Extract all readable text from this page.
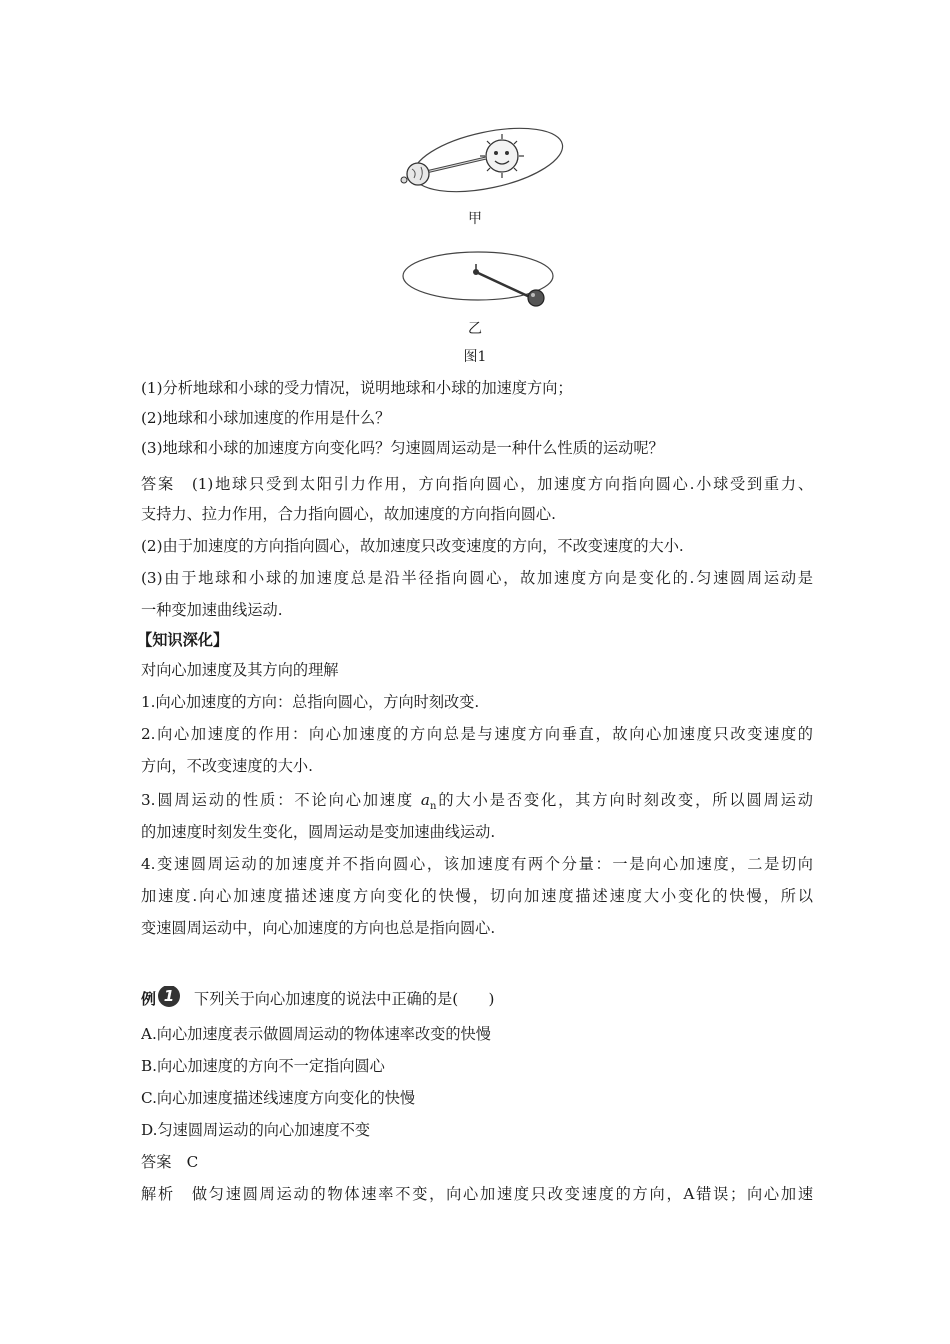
甲
乙
图1
(1)分析地球和小球的受力情况，说明地球和小球的加速度方向；
(2)地球和小球加速度的作用是什么？
(3)地球和小球的加速度方向变化吗？匀速圆周运动是一种什么性质的运动呢？
答案　 (1)地球只受到太阳引力作用，方向指向圆心，加速度方向指向圆心.小球受到重力、
支持力、拉力作用，合力指向圆心，故加速度的方向指向圆心.
(2)由于加速度的方向指向圆心，故加速度只改变速度的方向，不改变速度的大小.
(3)由于地球和小球的加速度总是沿半径指向圆心，故加速度方向是变化的.匀速圆周运动是
一种变加速曲线运动.
【知识深化】
对向心加速度及其方向的理解
1.向心加速度的方向：总指向圆心，方向时刻改变.
2.向心加速度的作用：向心加速度的方向总是与速度方向垂直，故向心加速度只改变速度的
方向，不改变速度的大小.
3.圆周运动的性质：不论向心加速度 $a_n$的大小是否变化，其方向时刻改变，所以圆周运动
的加速度时刻发生变化，圆周运动是变加速曲线运动.
4.变速圆周运动的加速度并不指向圆心，该加速度有两个分量：一是向心加速度，二是切向
加速度.向心加速度描述速度方向变化的快慢，切向加速度描述速度大小变化的快慢，所以
变速圆周运动中，向心加速度的方向也总是指向圆心.
例 1 下列关于向心加速度的说法中正确的是(　　)
A.向心加速度表示做圆周运动的物体速率改变的快慢
B.向心加速度的方向不一定指向圆心
C.向心加速度描述线速度方向变化的快慢
D.匀速圆周运动的向心加速度不变
答案　 C
解析　 做匀速圆周运动的物体速率不变，向心加速度只改变速度的方向，A错误；向心加速
